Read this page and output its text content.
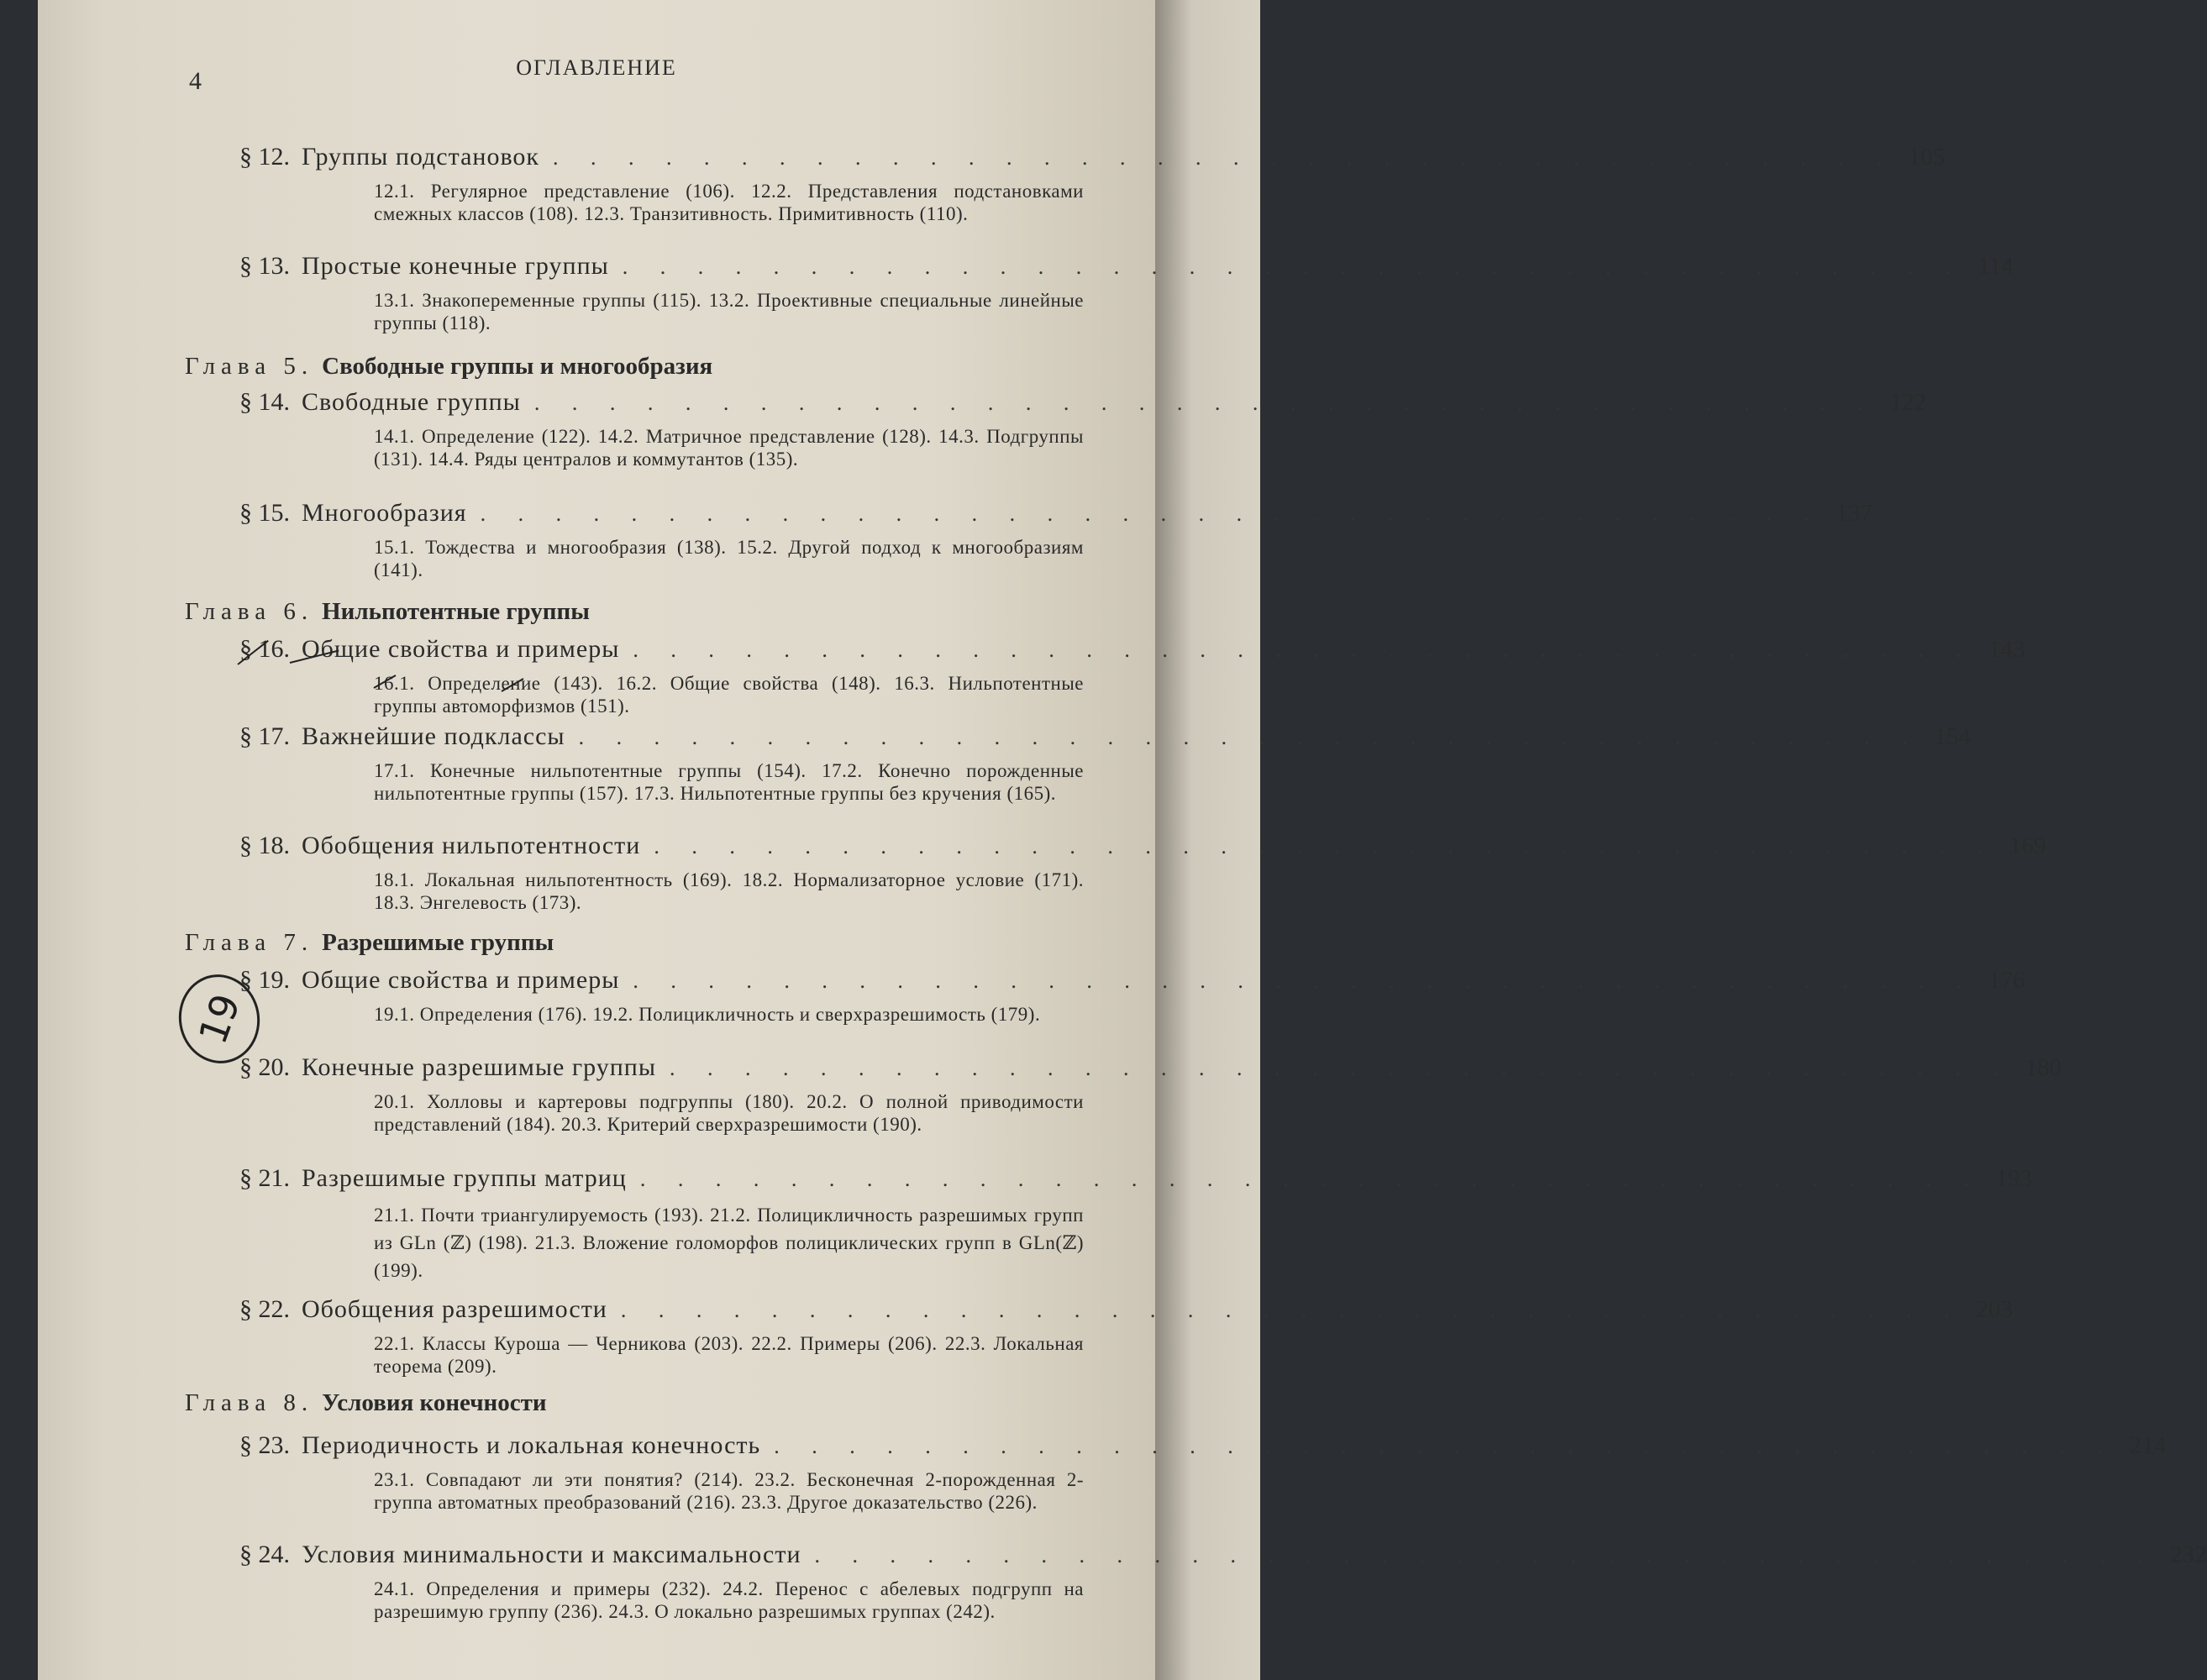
4	ОГЛАВЛЕНИЕ
§ 12. Группы подстановок . . . . . . . . . . . . . . . . . . . . . . . . . . . . . . . . . . . . 105
12.1. Регулярное представление (106). 12.2. Представления подстановками смежных классов (108). 12.3. Транзитивность. Примитивность (110).
§ 13. Простые конечные группы . . . . . . . . . . . . . . . . . . . . . . . . . . . . . . . . . . . . 114
13.1. Знакопеременные группы (115). 13.2. Проективные специальные линейные группы (118).
Глава 5. Свободные группы и многообразия
§ 14. Свободные группы . . . . . . . . . . . . . . . . . . . . . . . . . . . . . . . . . . . . 122
14.1. Определение (122). 14.2. Матричное представление (128). 14.3. Подгруппы (131). 14.4. Ряды централов и коммутантов (135).
§ 15. Многообразия . . . . . . . . . . . . . . . . . . . . . . . . . . . . . . . . . . . . 137
15.1. Тождества и многообразия (138). 15.2. Другой подход к многообразиям (141).
Глава 6. Нильпотентные группы
§ 16. Общие свойства и примеры . . . . . . . . . . . . . . . . . . . . . . . . . . . . . . . . . . . . 143
16.1. Определение (143). 16.2. Общие свойства (148). 16.3. Нильпотентные группы автоморфизмов (151).
§ 17. Важнейшие подклассы . . . . . . . . . . . . . . . . . . . . . . . . . . . . . . . . . . . . 154
17.1. Конечные нильпотентные группы (154). 17.2. Конечно порожденные нильпотентные группы (157). 17.3. Нильпотентные группы без кручения (165).
§ 18. Обобщения нильпотентности . . . . . . . . . . . . . . . . . . . . . . . . . . . . . . . . . . . . 169
18.1. Локальная нильпотентность (169). 18.2. Нормализаторное условие (171). 18.3. Энгелевость (173).
Глава 7. Разрешимые группы
§ 19. Общие свойства и примеры . . . . . . . . . . . . . . . . . . . . . . . . . . . . . . . . . . . . 176
19.1. Определения (176). 19.2. Полицикличность и сверхразрешимость (179).
§ 20. Конечные разрешимые группы . . . . . . . . . . . . . . . . . . . . . . . . . . . . . . . . . . . . 180
20.1. Холловы и картеровы подгруппы (180). 20.2. О полной приводимости представлений (184). 20.3. Критерий сверхразрешимости (190).
§ 21. Разрешимые группы матриц . . . . . . . . . . . . . . . . . . . . . . . . . . . . . . . . . . . . 193
21.1. Почти триангулируемость (193). 21.2. Полицикличность разрешимых групп из GLn (ℤ) (198). 21.3. Вложение голоморфов полициклических групп в GLn(ℤ) (199).
§ 22. Обобщения разрешимости . . . . . . . . . . . . . . . . . . . . . . . . . . . . . . . . . . . . 203
22.1. Классы Куроша — Черникова (203). 22.2. Примеры (206). 22.3. Локальная теорема (209).
Глава 8. Условия конечности
§ 23. Периодичность и локальная конечность . . . . . . . . . . . . . . . . . . . . . . . . . . . . . . . . . . . . 214
23.1. Совпадают ли эти понятия? (214). 23.2. Бесконечная 2-порожденная 2-группа автоматных преобразований (216). 23.3. Другое доказательство (226).
§ 24. Условия минимальности и максимальности . . . . . . . . . . . . . . . . . . . . . . . . . . . . . . . . . . . . 232
24.1. Определения и примеры (232). 24.2. Перенос с абелевых подгрупп на разрешимую группу (236). 24.3. О локально разрешимых группах (242).
19
